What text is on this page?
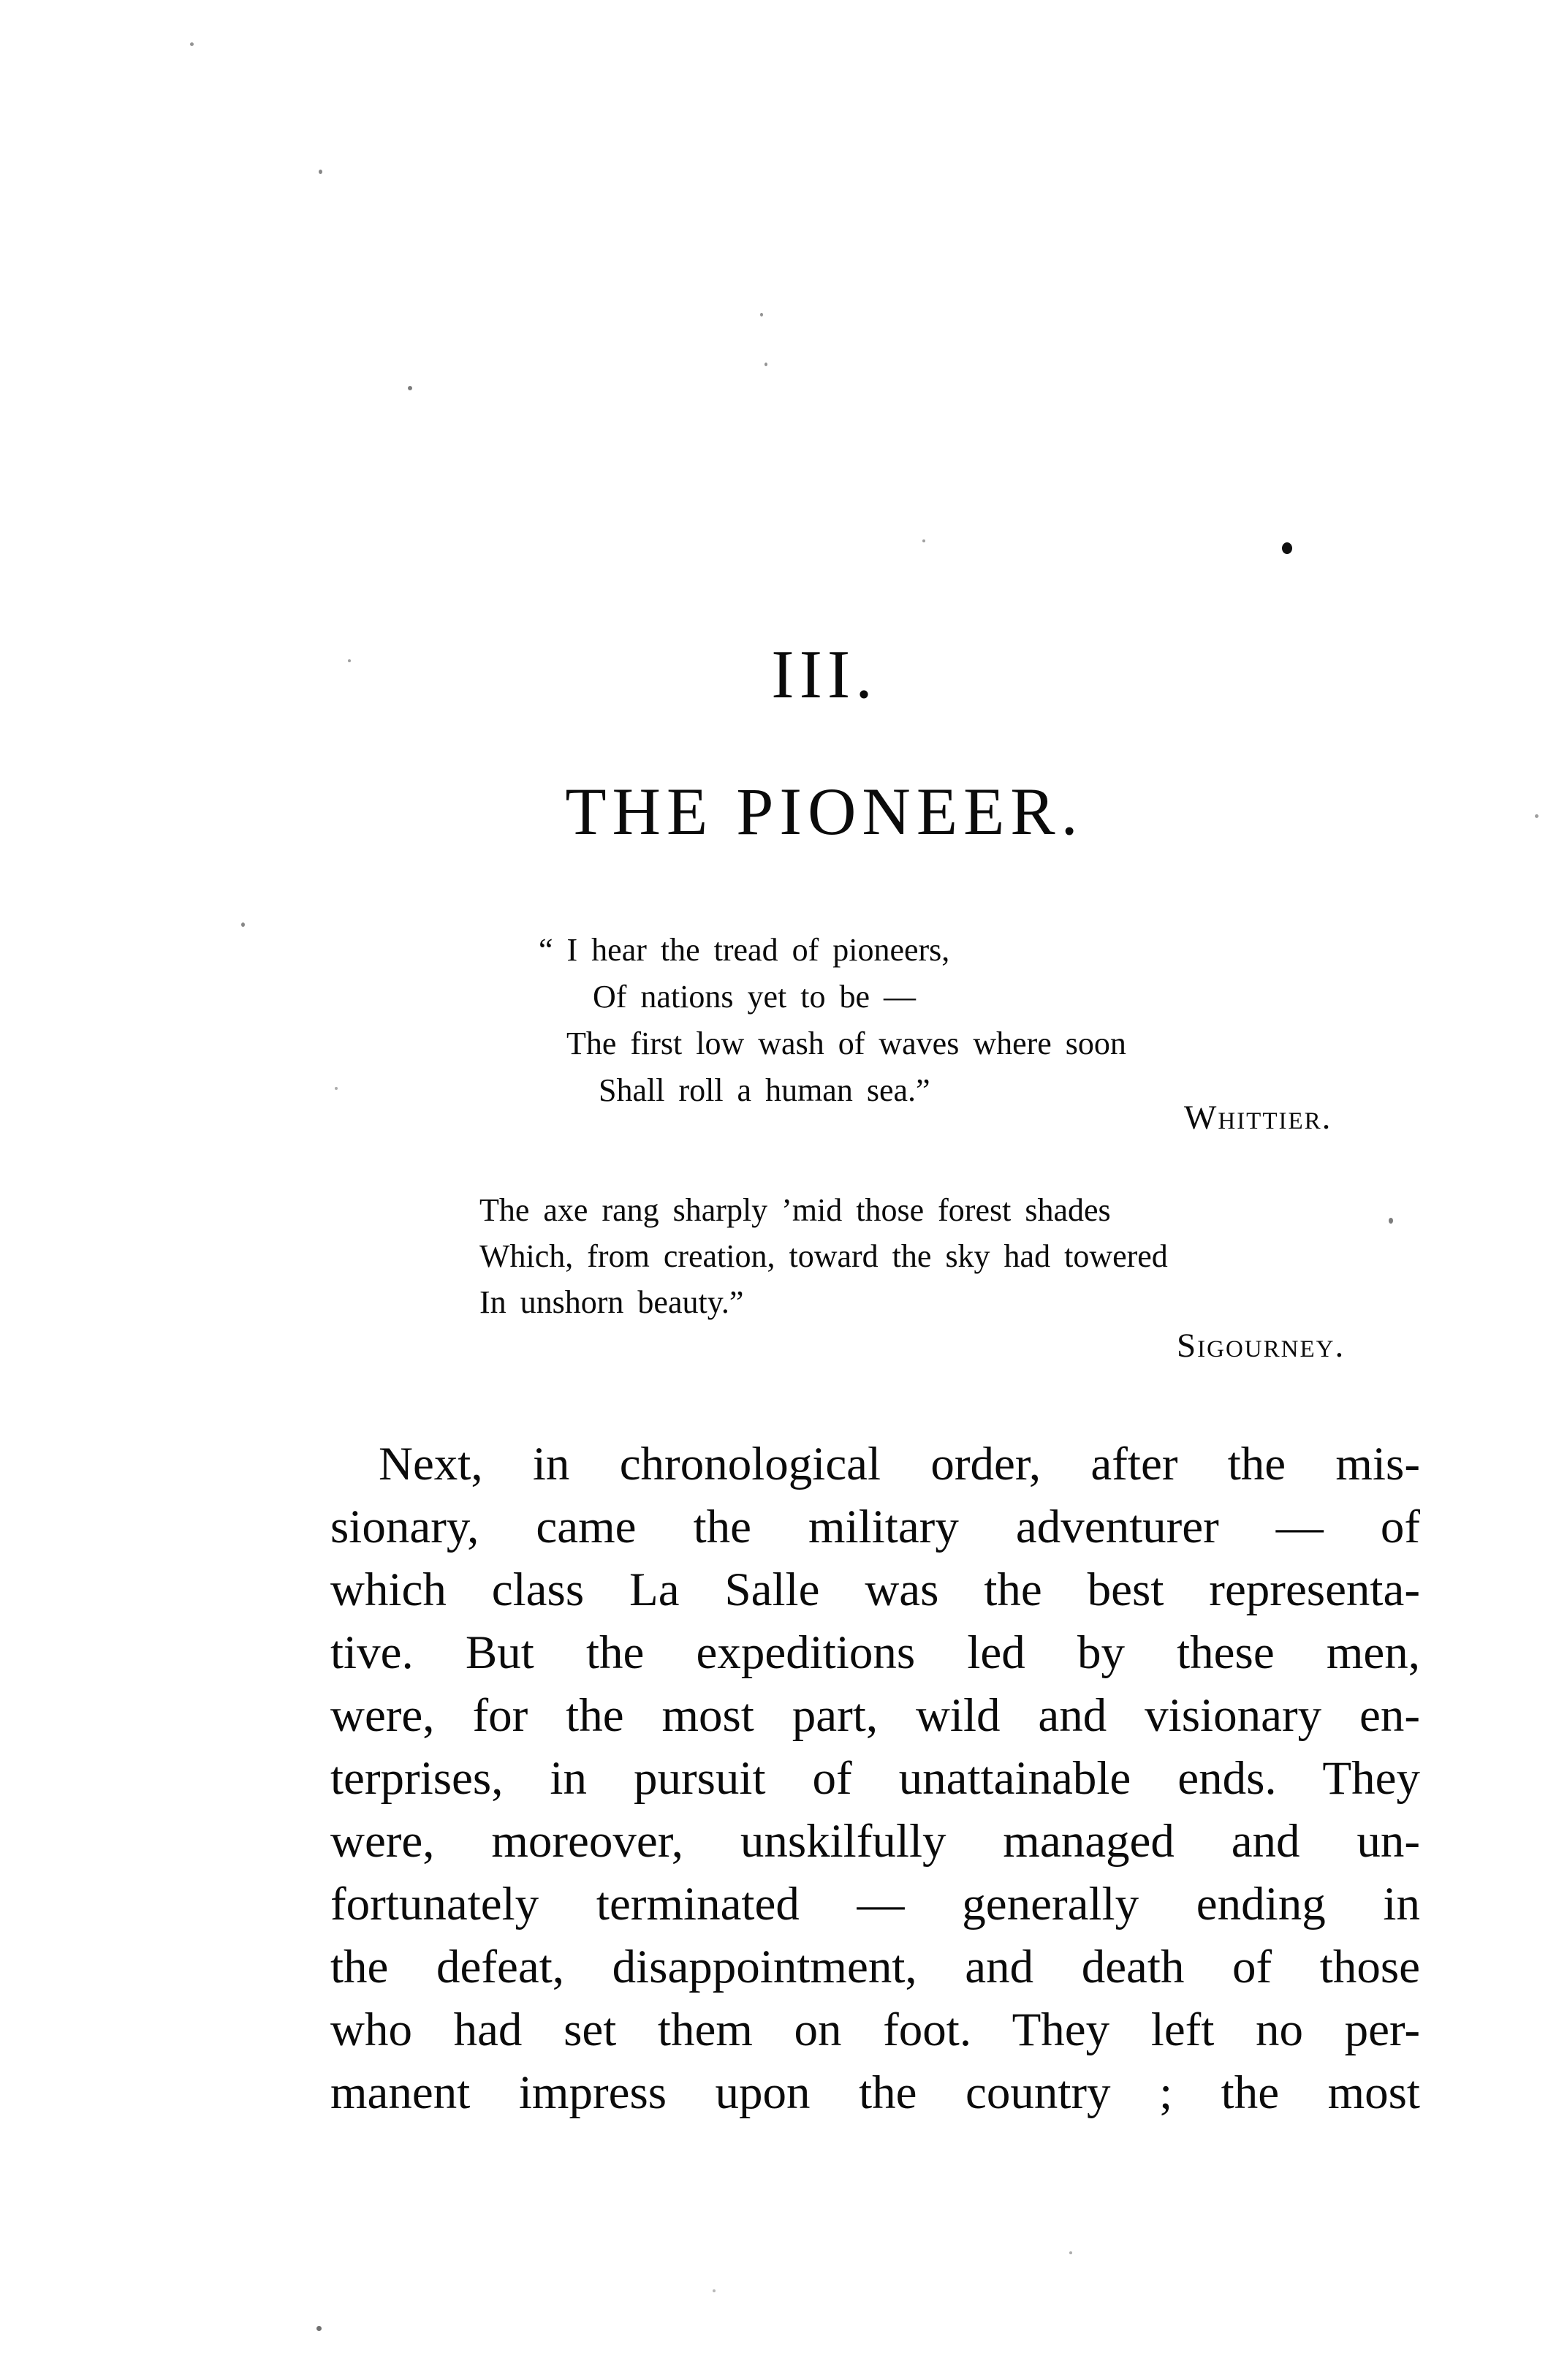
III.
THE PIONEER.
“ I hear the tread of pioneers,
Of nations yet to be —
The first low wash of waves where soon
Shall roll a human sea.”
Whittier.
The axe rang sharply ’mid those forest shades
Which, from creation, toward the sky had towered
In unshorn beauty.”
Sigourney.
Next, in chronological order, after the mis-
sionary, came the military adventurer — of
which class La Salle was the best representa-
tive. But the expeditions led by these men,
were, for the most part, wild and visionary en-
terprises, in pursuit of unattainable ends. They
were, moreover, unskilfully managed and un-
fortunately terminated — generally ending in
the defeat, disappointment, and death of those
who had set them on foot. They left no per-
manent impress upon the country ; the most
